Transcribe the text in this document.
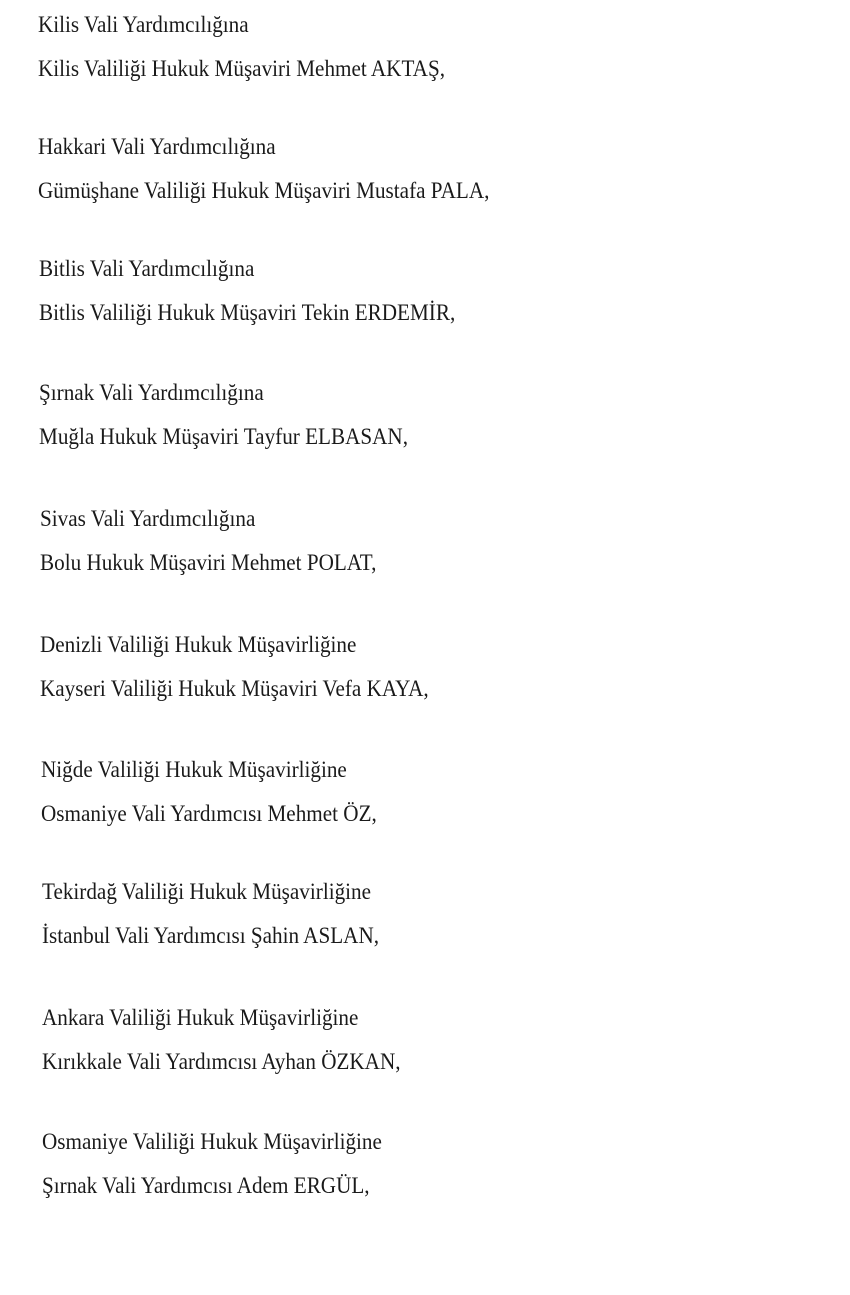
Kilis Vali Yardımcılığına
Kilis Valiliği Hukuk Müşaviri Mehmet AKTAŞ,
Hakkari Vali Yardımcılığına
Gümüşhane Valiliği Hukuk Müşaviri Mustafa PALA,
Bitlis Vali Yardımcılığına
Bitlis Valiliği Hukuk Müşaviri Tekin ERDEMİR,
Şırnak Vali Yardımcılığına
Muğla Hukuk Müşaviri Tayfur ELBASAN,
Sivas Vali Yardımcılığına
Bolu Hukuk Müşaviri Mehmet POLAT,
Denizli Valiliği Hukuk Müşavirliğine
Kayseri Valiliği Hukuk Müşaviri Vefa KAYA,
Niğde Valiliği Hukuk Müşavirliğine
Osmaniye Vali Yardımcısı Mehmet ÖZ,
Tekirdağ Valiliği Hukuk Müşavirliğine
İstanbul Vali Yardımcısı Şahin ASLAN,
Ankara Valiliği Hukuk Müşavirliğine
Kırıkkale Vali Yardımcısı Ayhan ÖZKAN,
Osmaniye Valiliği Hukuk Müşavirliğine
Şırnak Vali Yardımcısı Adem ERGÜL,
